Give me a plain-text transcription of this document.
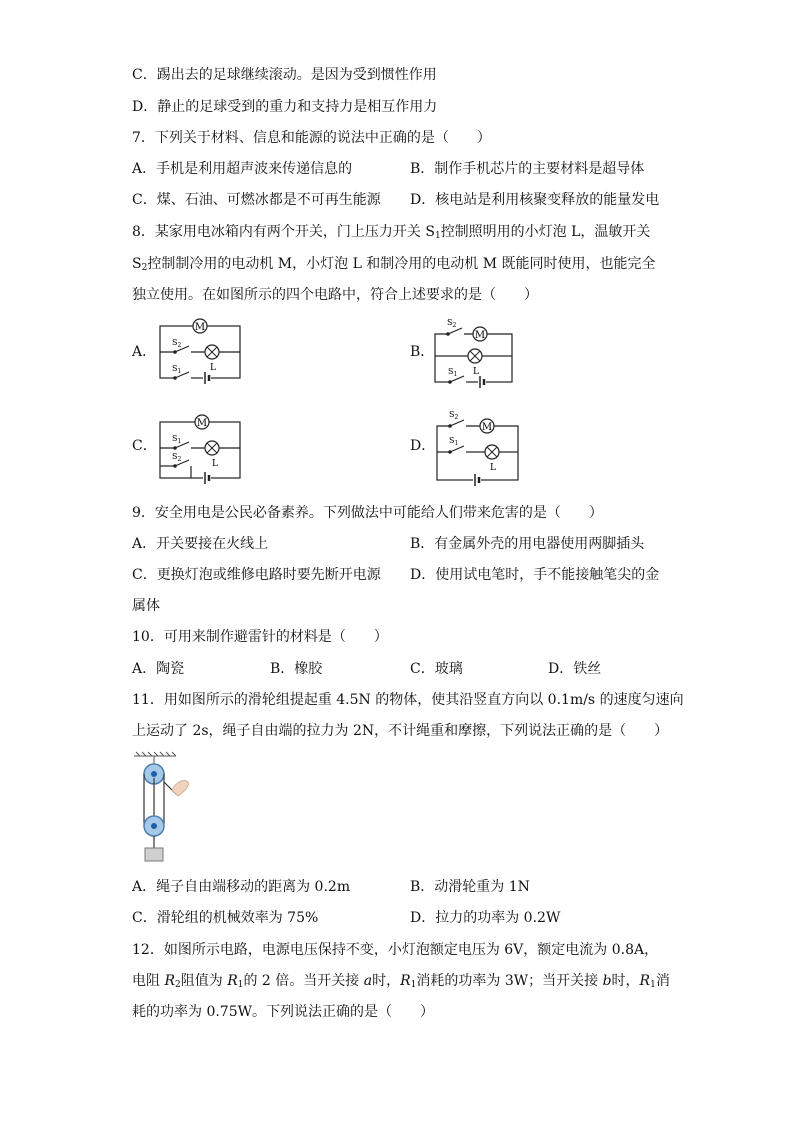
C．踢出去的足球继续滚动。是因为受到惯性作用
D．静止的足球受到的重力和支持力是相互作用力
7．下列关于材料、信息和能源的说法中正确的是（　　）
A．手机是利用超声波来传递信息的	B．制作手机芯片的主要材料是超导体
C．煤、石油、可燃冰都是不可再生能源 D．核电站是利用核聚变释放的能量发电
8．某家用电冰箱内有两个开关，门上压力开关 $S_1$控制照明用的小灯泡 L，温敏开关
$S_2$控制制冷用的电动机 M，小灯泡 L 和制冷用的电动机 M 既能同时使用，也能完全
独立使用。在如图所示的四个电路中，符合上述要求的是（　　）
A．
M
$S_2$
$S_1$	L
B．
M
$S_2$
$S_1$ L
C．
M
$S_1$
$S_2$	L
D．
M
$S_2$
$S_1$
L
9．安全用电是公民必备素养。下列做法中可能给人们带来危害的是（　　）
A．开关要接在火线上	B．有金属外壳的用电器使用两脚插头
C．更换灯泡或维修电路时要先断开电源 D．使用试电笔时，手不能接触笔尖的金
属体
10．可用来制作避雷针的材料是（　　）
A．陶瓷	B．橡胶	C．玻璃	D．铁丝
11．用如图所示的滑轮组提起重 4.5N 的物体，使其沿竖直方向以 0.1m/s 的速度匀速向
上运动了 2s，绳子自由端的拉力为 2N，不计绳重和摩擦，下列说法正确的是（　　）
A．绳子自由端移动的距离为 0.2m	B．动滑轮重为 1N
C．滑轮组的机械效率为 75%	D．拉力的功率为 0.2W
12．如图所示电路，电源电压保持不变，小灯泡额定电压为 6V，额定电流为 0.8A，
电阻 $R_2$阻值为 $R_1$的 2 倍。当开关接 a时，$R_1$消耗的功率为 3W；当开关接 b时，$R_1$消
耗的功率为 0.75W。下列说法正确的是（　　）
